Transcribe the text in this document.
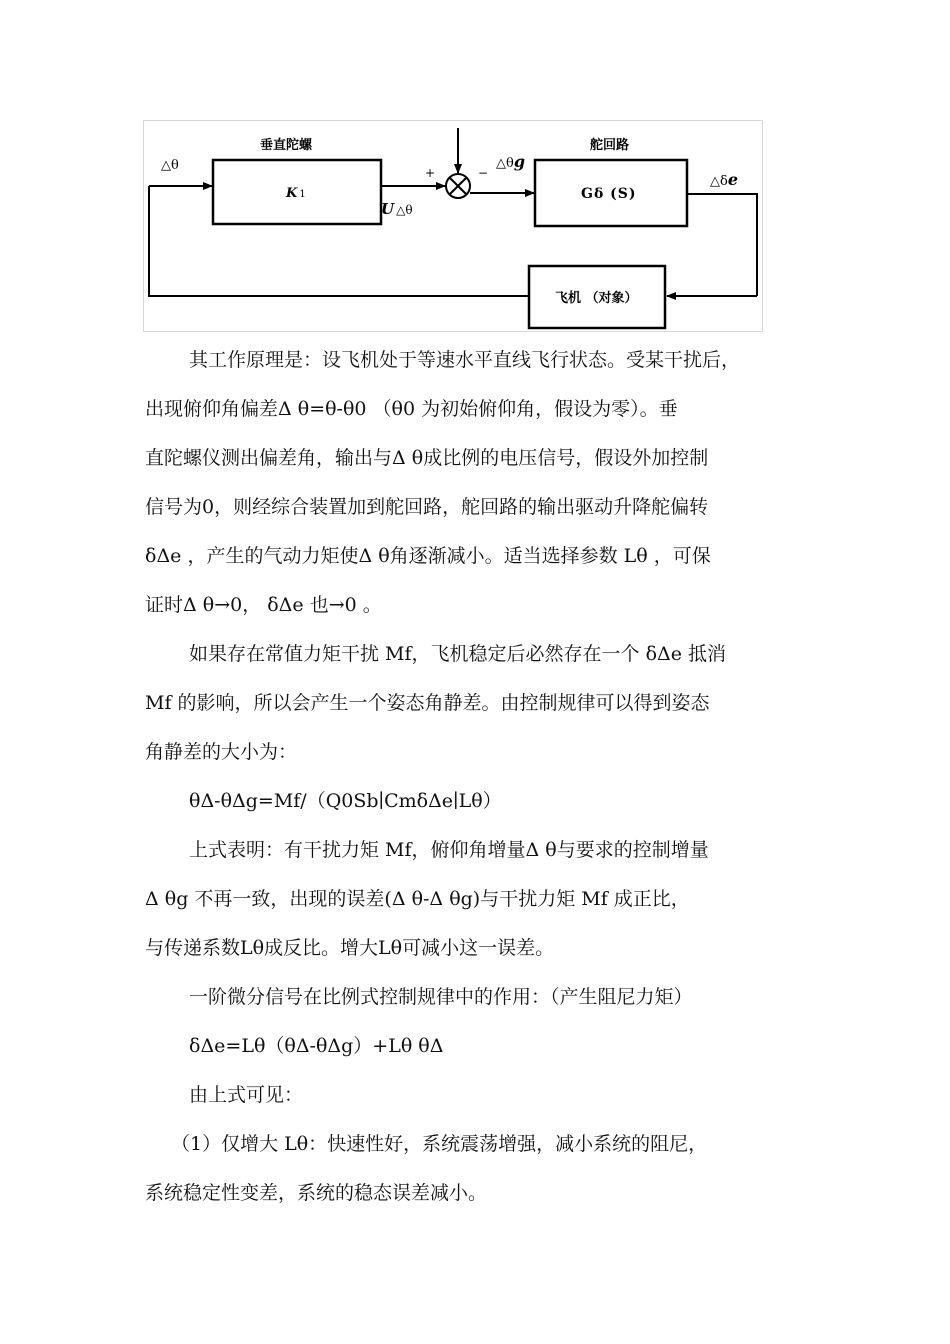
垂直陀螺
K 1
舵回路
Gδ (S)
飞机 （对象）
△θ
U △θ
+	−
△θg
△δe

其工作原理是：设飞机处于等速水平直线飞行状态。受某干扰后，

出现俯仰角偏差Δ θ=θ-θ0 （θ0 为初始俯仰角，假设为零）。垂

直陀螺仪测出偏差角，输出与Δ θ成比例的电压信号，假设外加控制

信号为0，则经综合装置加到舵回路，舵回路的输出驱动升降舵偏转

δΔe ，产生的气动力矩使Δ θ角逐渐减小。适当选择参数 Lθ ，可保

证时Δ θ→0， δΔe 也→0 。

如果存在常值力矩干扰 Mf，飞机稳定后必然存在一个 δΔe 抵消

Mf 的影响，所以会产生一个姿态角静差。由控制规律可以得到姿态

角静差的大小为：

θΔ-θΔg=Mf/（Q0Sb∣CmδΔe∣Lθ）

上式表明：有干扰力矩 Mf，俯仰角增量Δ θ与要求的控制增量

Δ θg 不再一致，出现的误差(Δ θ-Δ θg)与干扰力矩 Mf 成正比，

与传递系数Lθ成反比。增大Lθ可减小这一误差。

一阶微分信号在比例式控制规律中的作用：（产生阻尼力矩）

δΔe=Lθ（θΔ-θΔg）+Lθ θΔ

由上式可见：

（1）仅增大 Lθ：快速性好，系统震荡增强，减小系统的阻尼，

系统稳定性变差，系统的稳态误差减小。
